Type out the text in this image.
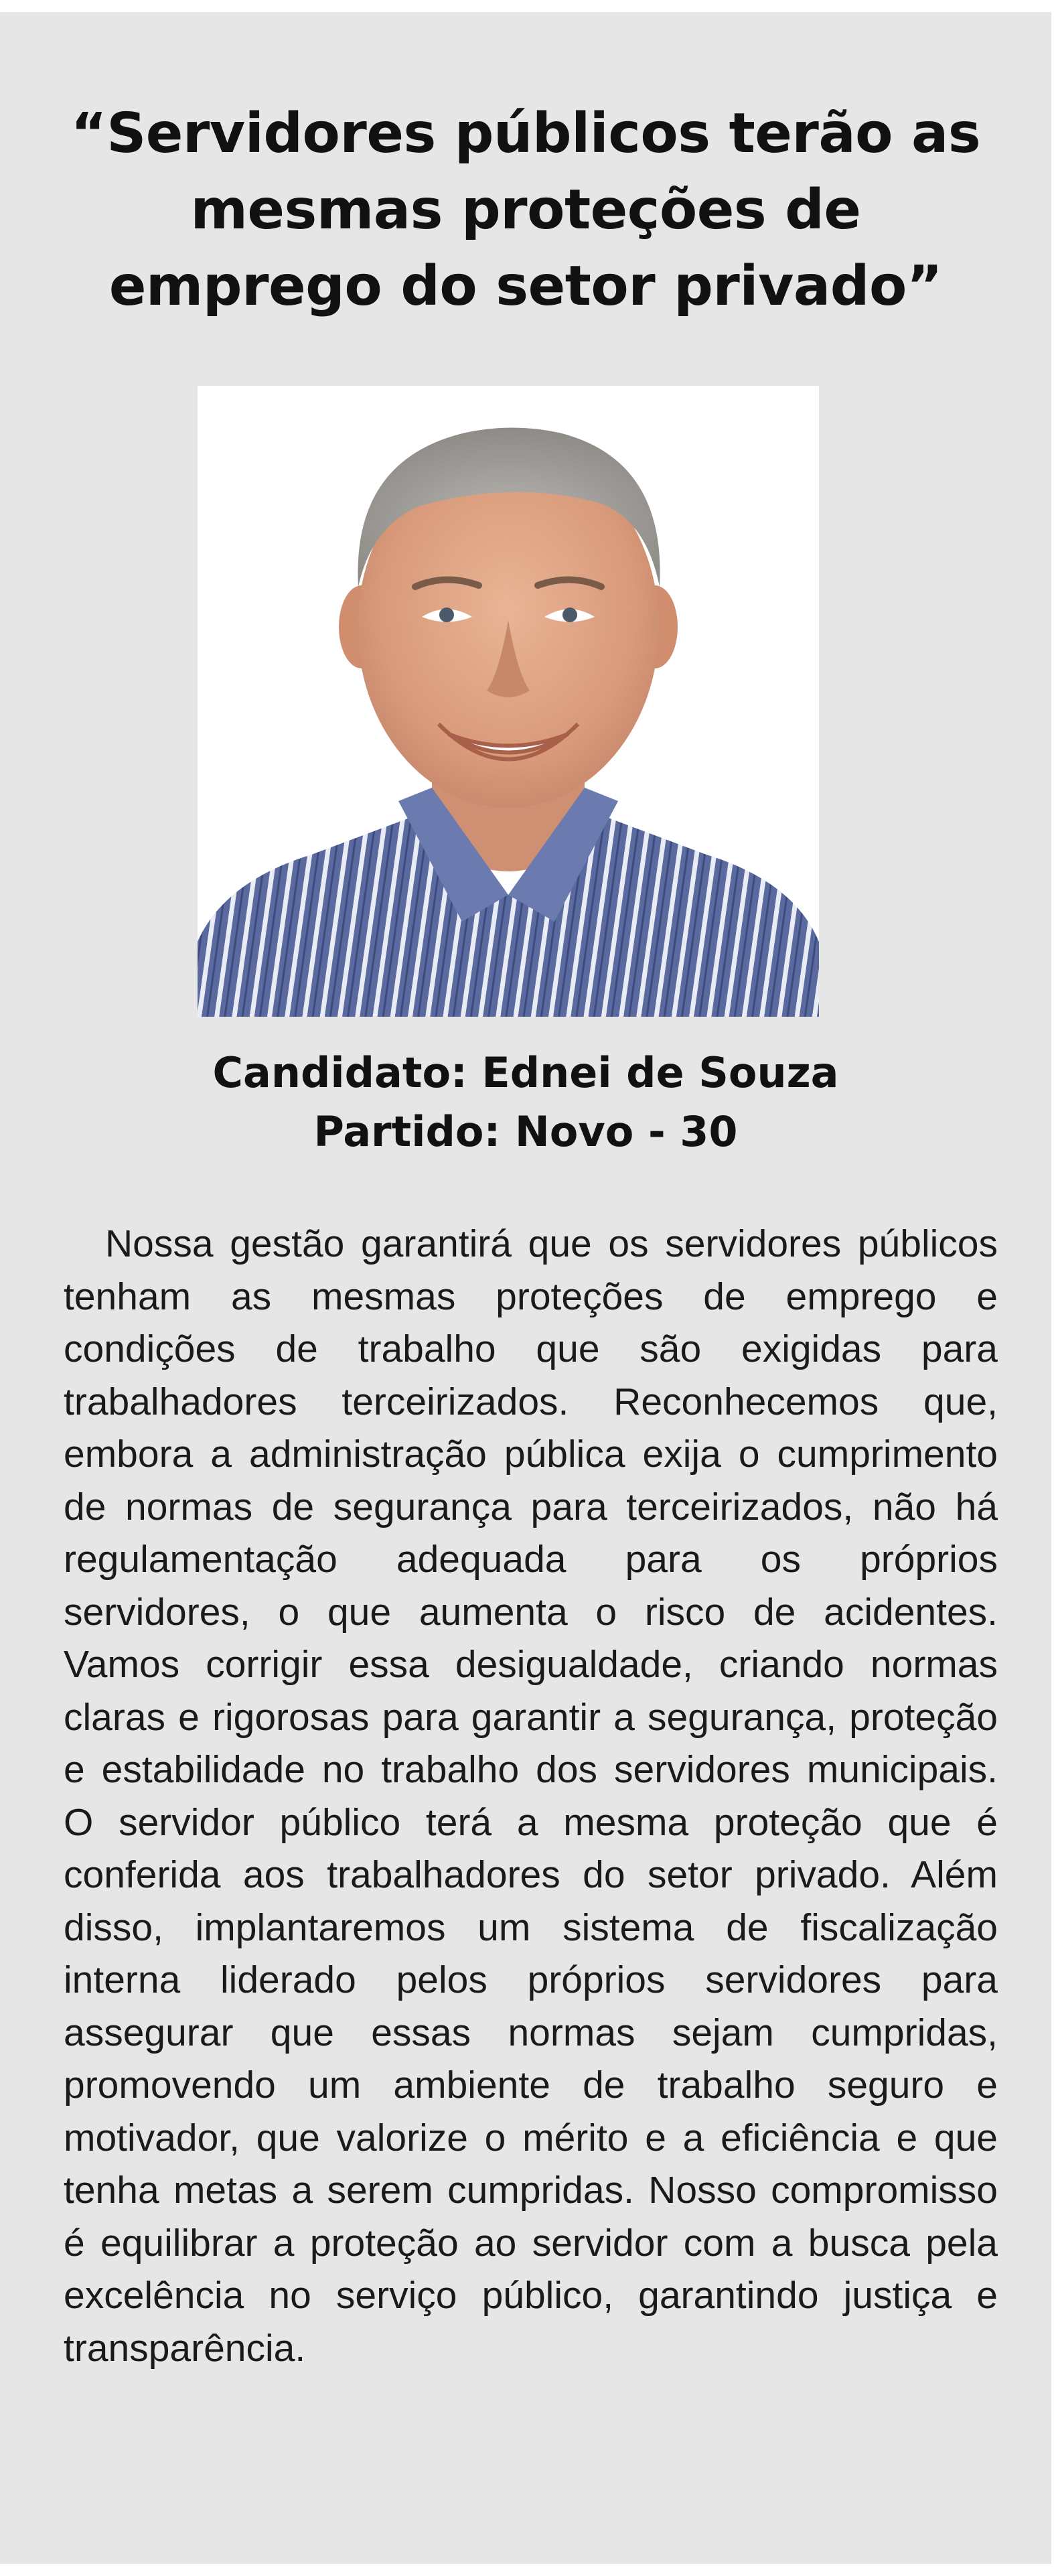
“Servidores públicos terão as mesmas proteções de emprego do setor privado”
Candidato: Ednei de Souza
Partido: Novo - 30

Nossa gestão garantirá que os servidores públicos tenham as mesmas proteções de emprego e condições de trabalho que são exigidas para trabalhadores terceirizados. Reconhecemos que, embora a administração pública exija o cumprimento de normas de segurança para terceirizados, não há regulamentação adequada para os próprios servidores, o que aumenta o risco de acidentes. Vamos corrigir essa desigualdade, criando normas claras e rigorosas para garantir a segurança, proteção e estabilidade no trabalho dos servidores municipais. O servidor público terá a mesma proteção que é conferida aos trabalhadores do setor privado. Além disso, implantaremos um sistema de fiscalização interna liderado pelos próprios servidores para assegurar que essas normas sejam cumpridas, promovendo um ambiente de trabalho seguro e motivador, que valorize o mérito e a eficiência e que tenha metas a serem cumpridas. Nosso compromisso é equilibrar a proteção ao servidor com a busca pela excelência no serviço público, garantindo justiça e transparência.
